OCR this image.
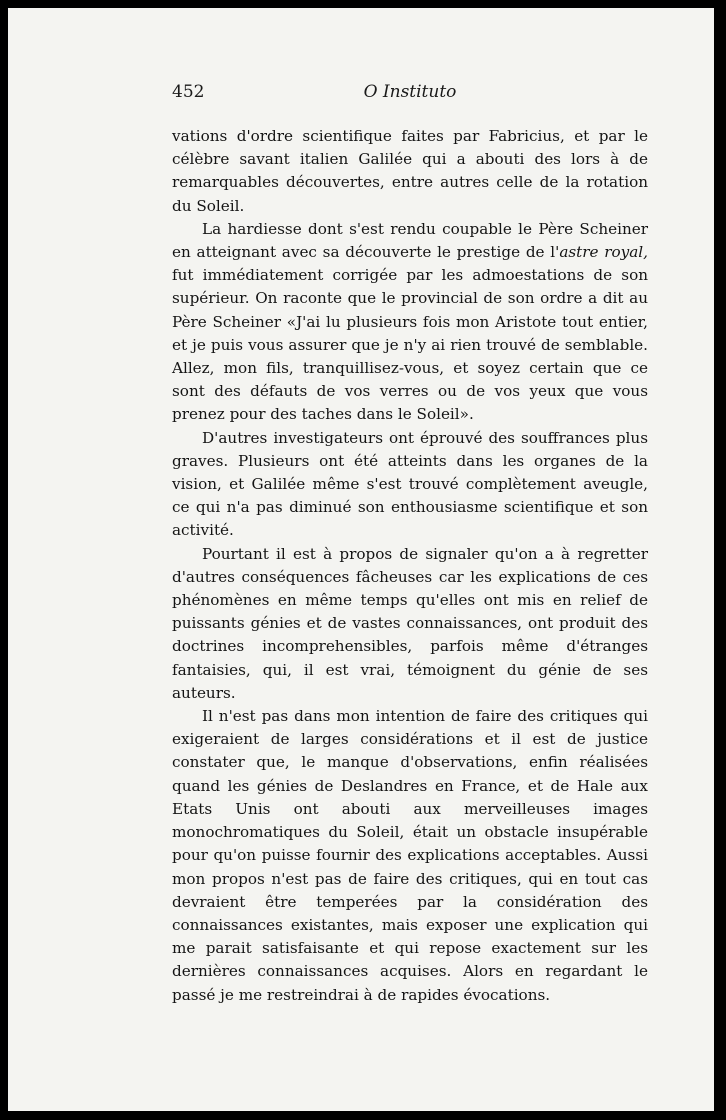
452	O Instituto

vations d'ordre scientifique faites par Fabricius, et par le célèbre savant italien Galilée qui a abouti des lors à de remarquables découvertes, entre autres celle de la rotation du Soleil.

La hardiesse dont s'est rendu coupable le Père Scheiner en atteignant avec sa découverte le prestige de l'astre royal, fut immédiatement corrigée par les admoestations de son supérieur. On raconte que le provincial de son ordre a dit au Père Scheiner «J'ai lu plusieurs fois mon Aristote tout entier, et je puis vous assurer que je n'y ai rien trouvé de semblable. Allez, mon fils, tranquillisez-vous, et soyez certain que ce sont des défauts de vos verres ou de vos yeux que vous prenez pour des taches dans le Soleil».

D'autres investigateurs ont éprouvé des souffrances plus graves. Plusieurs ont été atteints dans les organes de la vision, et Galilée même s'est trouvé complètement aveugle, ce qui n'a pas diminué son enthousiasme scientifique et son activité.

Pourtant il est à propos de signaler qu'on a à regretter d'autres conséquences fâcheuses car les explications de ces phénomènes en même temps qu'elles ont mis en relief de puissants génies et de vastes connaissances, ont produit des doctrines incomprehensibles, parfois même d'étranges fantaisies, qui, il est vrai, témoignent du génie de ses auteurs.

Il n'est pas dans mon intention de faire des critiques qui exigeraient de larges considérations et il est de justice constater que, le manque d'observations, enfin réalisées quand les génies de Deslandres en France, et de Hale aux Etats Unis ont abouti aux merveilleuses images monochromatiques du Soleil, était un obstacle insupérable pour qu'on puisse fournir des explications acceptables. Aussi mon propos n'est pas de faire des critiques, qui en tout cas devraient être temperées par la considération des connaissances existantes, mais exposer une explication qui me parait satisfaisante et qui repose exactement sur les dernières connaissances acquises. Alors en regardant le passé je me restreindrai à de rapides évocations.
